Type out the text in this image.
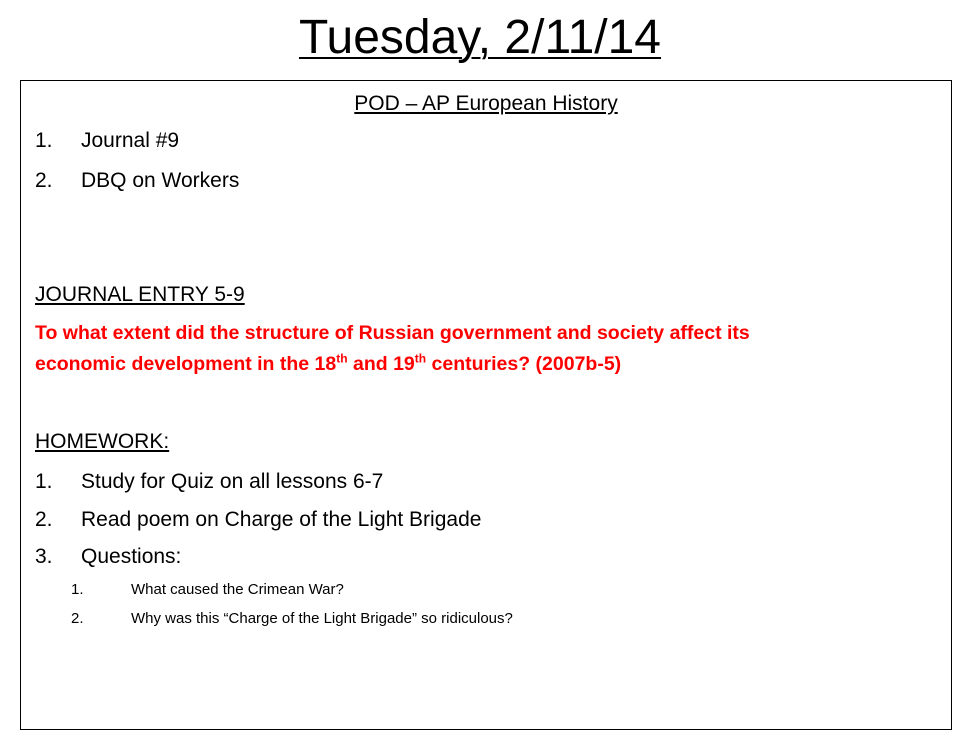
Tuesday, 2/11/14
POD – AP European History
1. Journal #9
2. DBQ on Workers
JOURNAL ENTRY 5-9
To what extent did the structure of Russian government and society affect its
economic development in the 18th and 19th centuries? (2007b-5)
HOMEWORK:
1. Study for Quiz on all lessons 6-7
2. Read poem on Charge of the Light Brigade
3. Questions:
1.	What caused the Crimean War?
2.	Why was this “Charge of the Light Brigade” so ridiculous?
